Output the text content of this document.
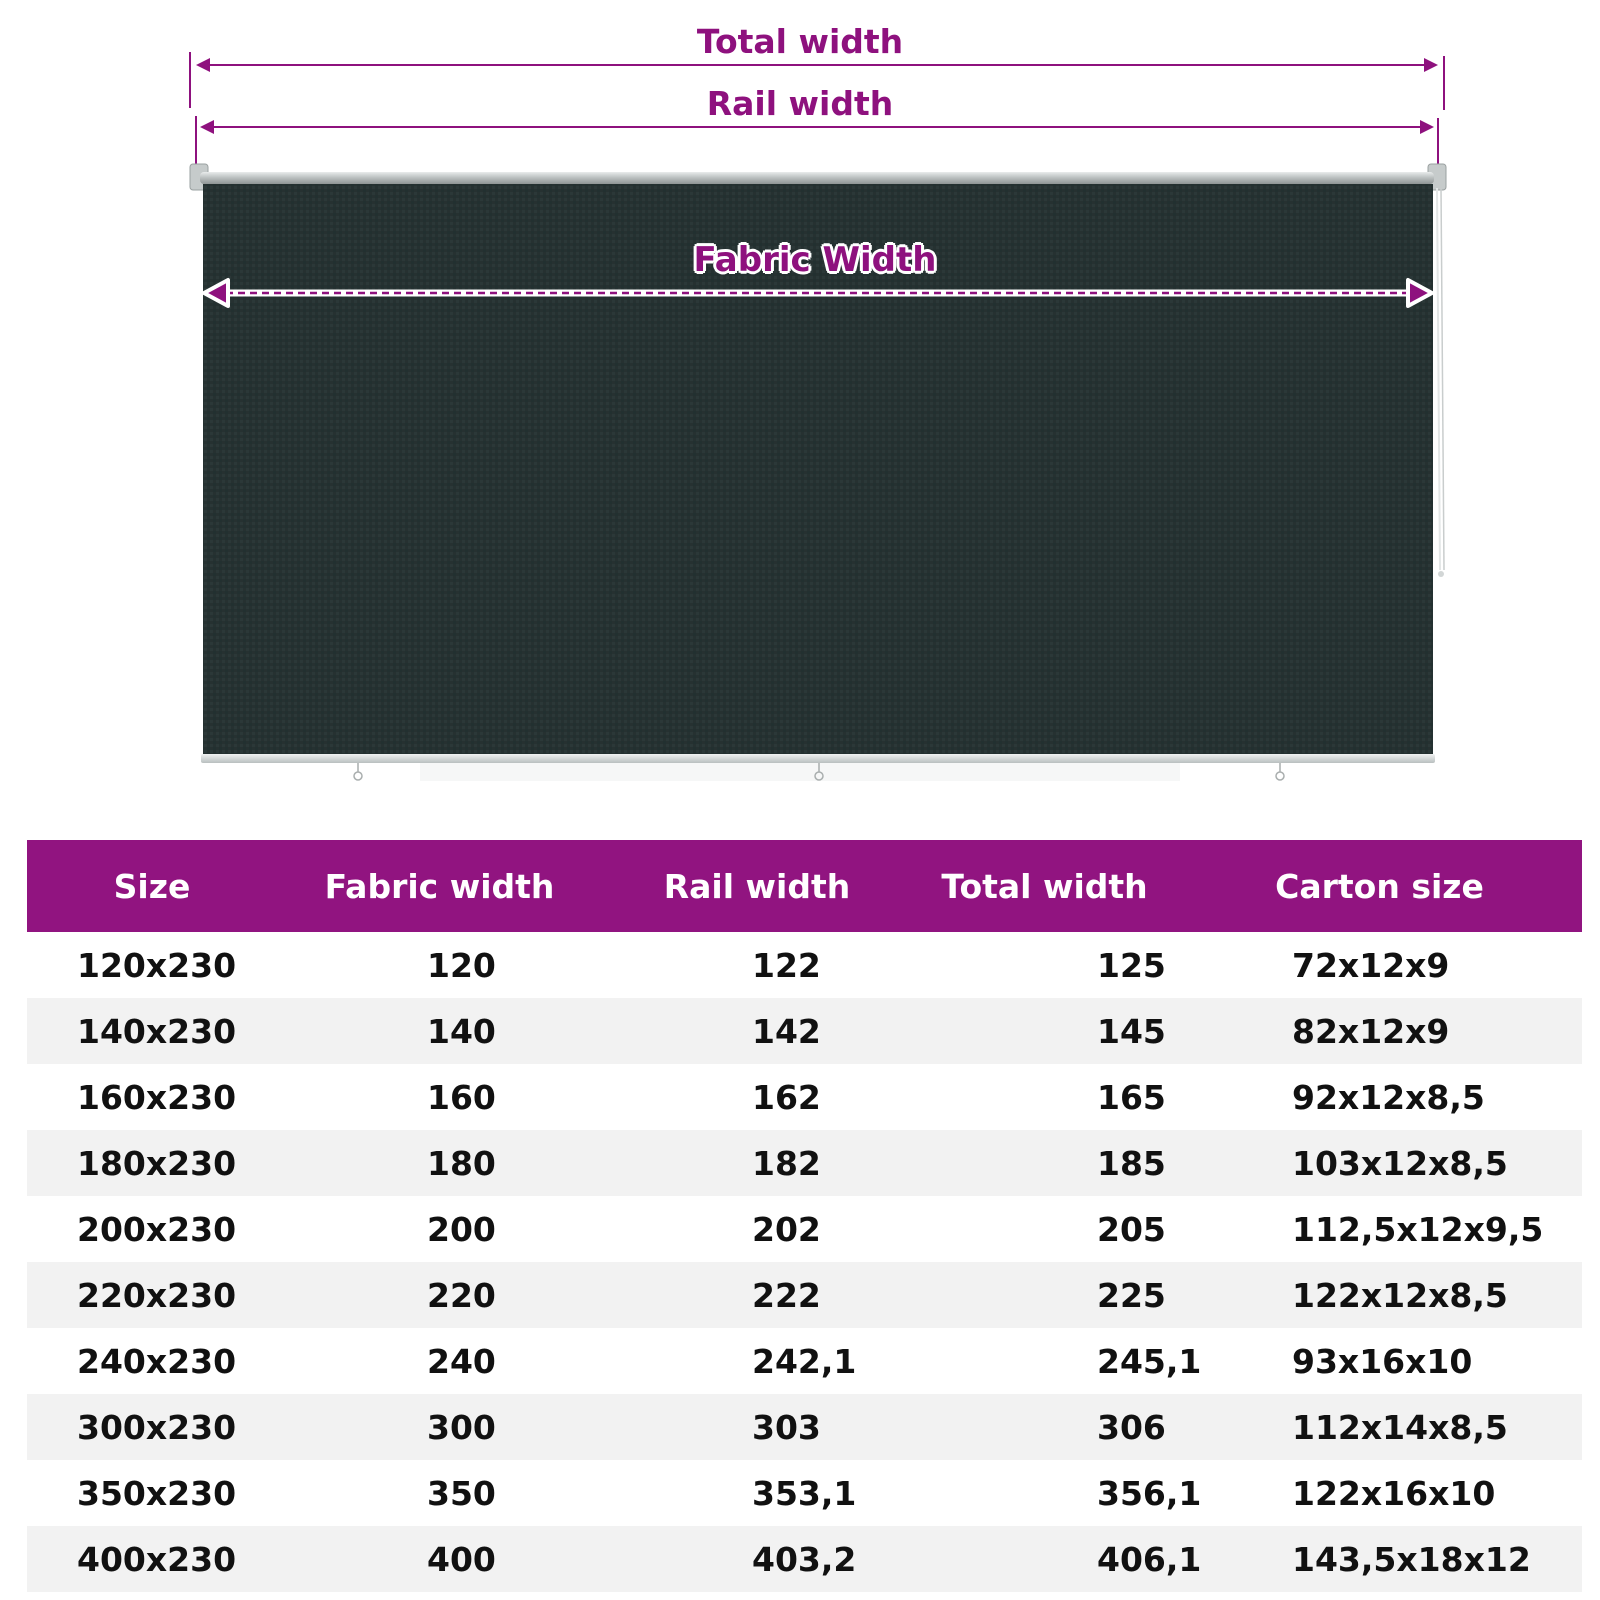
Total width
Rail width
Fabric Width
Size	Fabric width	Rail width	Total width	Carton size
120x230	120	122	125	72x12x9
140x230	140	142	145	82x12x9
160x230	160	162	165	92x12x8,5
180x230	180	182	185	103x12x8,5
200x230	200	202	205	112,5x12x9,5
220x230	220	222	225	122x12x8,5
240x230	240	242,1	245,1	93x16x10
300x230	300	303	306	112x14x8,5
350x230	350	353,1	356,1	122x16x10
400x230	400	403,2	406,1	143,5x18x12
